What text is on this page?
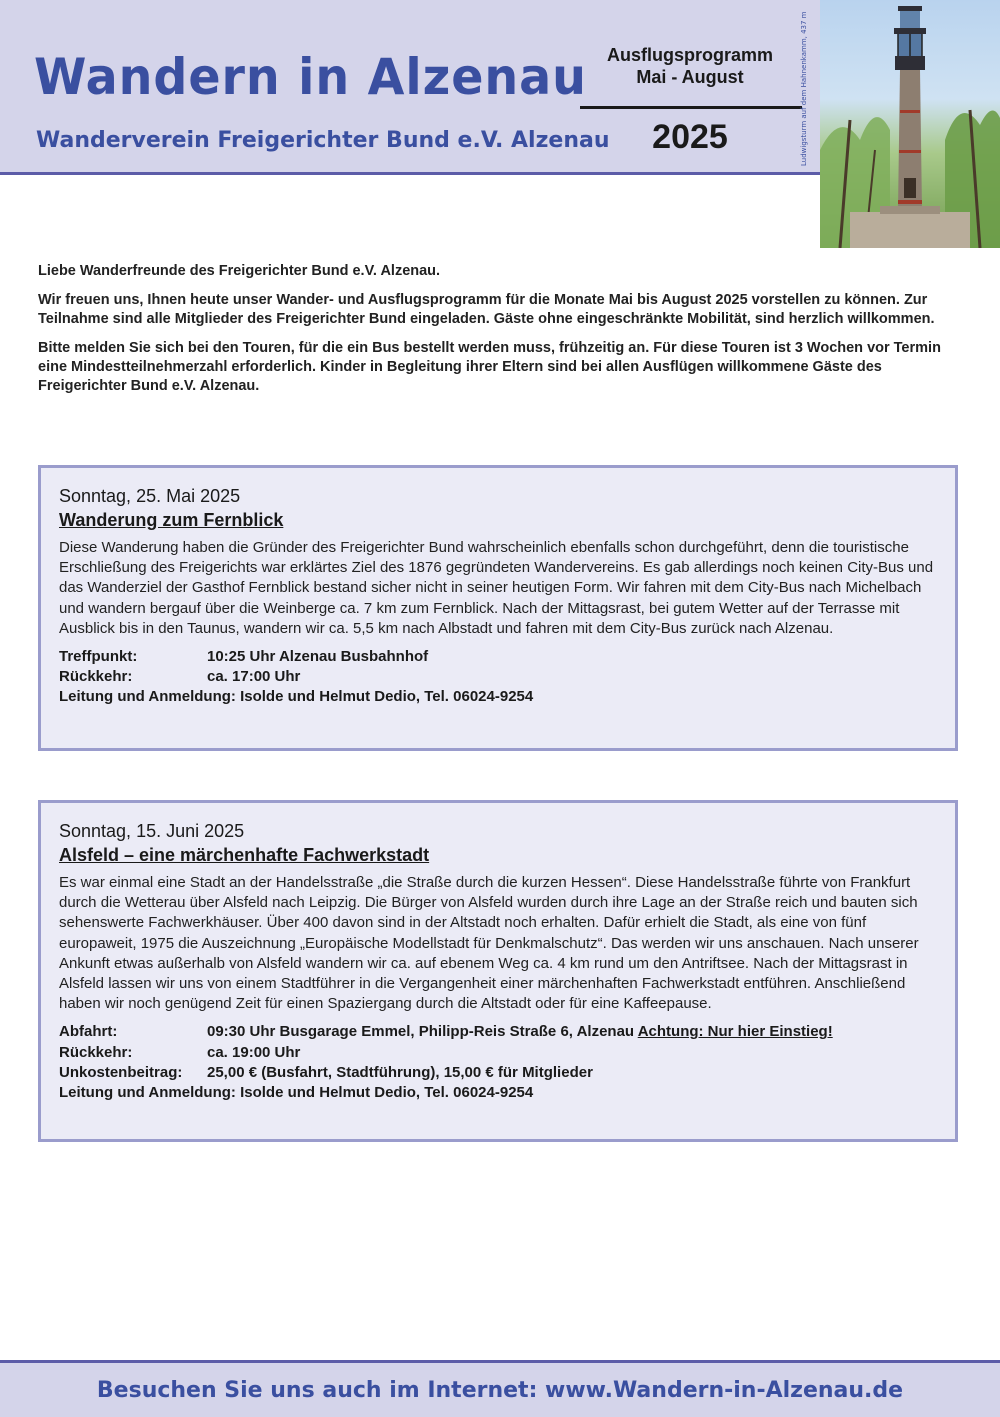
Wandern in Alzenau
Wanderverein Freigerichter Bund e.V. Alzenau
Ausflugsprogramm
Mai - August
2025	Ludwigsturm auf dem Hahnenkamm, 437 m

Liebe Wanderfreunde des Freigerichter Bund e.V. Alzenau.

Wir freuen uns, Ihnen heute unser Wander- und Ausflugsprogramm für die Monate Mai bis August 2025 vorstellen zu können. Zur Teilnahme sind alle Mitglieder des Freigerichter Bund eingeladen. Gäste ohne eingeschränkte Mobilität, sind herzlich willkommen.

Bitte melden Sie sich bei den Touren, für die ein Bus bestellt werden muss, frühzeitig an. Für diese Touren ist 3 Wochen vor Termin eine Mindestteilnehmerzahl erforderlich. Kinder in Begleitung ihrer Eltern sind bei allen Ausflügen willkommene Gäste des Freigerichter Bund e.V. Alzenau.

Sonntag, 25. Mai 2025
Wanderung zum Fernblick

Diese Wanderung haben die Gründer des Freigerichter Bund wahrscheinlich ebenfalls schon durchgeführt, denn die touristische Erschließung des Freigerichts war erklärtes Ziel des 1876 gegründeten Wandervereins. Es gab allerdings noch keinen City-Bus und das Wanderziel der Gasthof Fernblick bestand sicher nicht in seiner heutigen Form. Wir fahren mit dem City-Bus nach Michelbach und wandern bergauf über die Weinberge ca. 7 km zum Fernblick. Nach der Mittagsrast, bei gutem Wetter auf der Terrasse mit Ausblick bis in den Taunus, wandern wir ca. 5,5 km nach Albstadt und fahren mit dem City-Bus zurück nach Alzenau.

Treffpunkt:	10:25 Uhr Alzenau Busbahnhof
Rückkehr:	ca. 17:00 Uhr
Leitung und Anmeldung: Isolde und Helmut Dedio, Tel. 06024-9254
Sonntag, 15. Juni 2025
Alsfeld – eine märchenhafte Fachwerkstadt

Es war einmal eine Stadt an der Handelsstraße „die Straße durch die kurzen Hessen“. Diese Handelsstraße führte von Frankfurt durch die Wetterau über Alsfeld nach Leipzig. Die Bürger von Alsfeld wurden durch ihre Lage an der Straße reich und bauten sich sehenswerte Fachwerkhäuser. Über 400 davon sind in der Altstadt noch erhalten. Dafür erhielt die Stadt, als eine von fünf europaweit, 1975 die Auszeichnung „Europäische Modellstadt für Denkmalschutz“. Das werden wir uns anschauen. Nach unserer Ankunft etwas außerhalb von Alsfeld wandern wir ca. auf ebenem Weg ca. 4 km rund um den Antriftsee. Nach der Mittagsrast in Alsfeld lassen wir uns von einem Stadtführer in die Vergangenheit einer märchenhaften Fachwerkstadt entführen. Anschließend haben wir noch genügend Zeit für einen Spaziergang durch die Altstadt oder für eine Kaffeepause.

Abfahrt:	09:30 Uhr Busgarage Emmel, Philipp-Reis Straße 6, Alzenau Achtung: Nur hier Einstieg!
Rückkehr:	ca. 19:00 Uhr
Unkostenbeitrag: 25,00 € (Busfahrt, Stadtführung), 15,00 € für Mitglieder
Leitung und Anmeldung: Isolde und Helmut Dedio, Tel. 06024-9254
Besuchen Sie uns auch im Internet: www.Wandern-in-Alzenau.de
